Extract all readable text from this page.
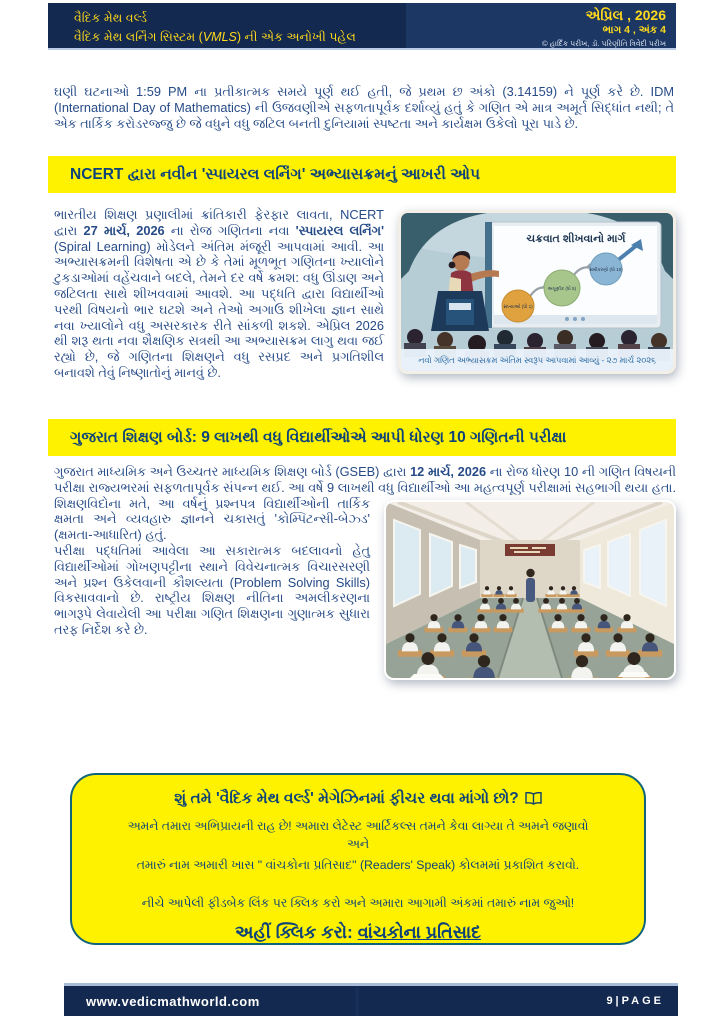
વૈદિક મેથ વર્લ્ડ
વૈદિક મેથ લર્નિંગ સિસ્ટમ (VMLS) ની એક અનોખી પહેલ
એપ્રિલ , 2026
ભાગ 4 , અંક 4
© હાર્દિક પરીખ, ડૉ. પરિણીતિ ત્રિવેદી પરીખ
ઘણી ઘટનાઓ 1:59 PM ના પ્રતીકાત્મક સમયે પૂર્ણ થઈ હતી, જે પ્રથમ છ અંકો (3.14159) ને પૂર્ણ કરે છે. IDM (International Day of Mathematics) ની ઉજવણીએ સફળતાપૂર્વક દર્શાવ્યું હતું કે ગણિત એ માત્ર અમૂર્ત સિદ્ધાંત નથી; તે એક તાર્કિક કરોડરજ્જુ છે જે વધુને વધુ જટિલ બનતી દુનિયામાં સ્પષ્ટતા અને કાર્યક્ષમ ઉકેલો પૂરા પાડે છે.
NCERT દ્વારા નવીન 'સ્પાયરલ લર્નિંગ' અભ્યાસક્રમનું આખરી ઓપ
ચક્રવાત શીખવાનો માર્ગ
સંખ્યાઓ (ધો 1)
અપૂર્ણાંક (ધો 5)
સમીકરણો (ધો 10)
નવો ગણિત અભ્યાસક્રમ અંતિમ સ્વરૂપ આપવામાં આવ્યું - ૨૭ માર્ચ ૨૦૨૬
ભારતીય શિક્ષણ પ્રણાલીમાં ક્રાંતિકારી ફેરફાર લાવતા, NCERT દ્વારા 27 માર્ચ, 2026 ના રોજ ગણિતના નવા 'સ્પાયરલ લર્નિંગ' (Spiral Learning) મોડેલને અંતિમ મંજૂરી આપવામાં આવી. આ અભ્યાસક્રમની વિશેષતા એ છે કે તેમાં મૂળભૂત ગણિતના ખ્યાલોને ટુકડાઓમાં વહેંચવાને બદલે, તેમને દર વર્ષે ક્રમશ: વધુ ઊંડાણ અને જટિલતા સાથે શીખવવામાં આવશે. આ પદ્ધતિ દ્વારા વિદ્યાર્થીઓ પરથી વિષયનો ભાર ઘટશે અને તેઓ અગાઉ શીખેલા જ્ઞાન સાથે નવા ખ્યાલોને વધુ અસરકારક રીતે સાંકળી શકશે. એપ્રિલ 2026 થી શરૂ થતા નવા શૈક્ષણિક સત્રથી આ અભ્યાસક્રમ લાગુ થવા જઈ રહ્યો છે, જે ગણિતના શિક્ષણને વધુ રસપ્રદ અને પ્રગતિશીલ બનાવશે તેવું નિષ્ણાતોનું માનવું છે.
ગુજરાત શિક્ષણ બોર્ડ: 9 લાખથી વધુ વિદ્યાર્થીઓએ આપી ધોરણ 10 ગણિતની પરીક્ષા
ગુજરાત માધ્યમિક અને ઉચ્ચતર માધ્યમિક શિક્ષણ બોર્ડ (GSEB) દ્વારા 12 માર્ચ, 2026 ના રોજ ધોરણ 10 ની ગણિત વિષયની પરીક્ષા રાજ્યભરમાં સફળતાપૂર્વક સંપન્ન થઈ. આ વર્ષે 9 લાખથી વધુ વિદ્યાર્થીઓ આ મહત્વપૂર્ણ પરીક્ષામાં સહભાગી થયા હતા. શિક્ષણવિદોના મતે, આ વર્ષનું
પ્રશ્નપત્ર વિદ્યાર્થીઓની તાર્કિક ક્ષમતા અને વ્યવહારુ જ્ઞાનને ચકાસતું 'કોમ્પિટન્સી-બેઝ્ડ' (ક્ષમતા-આધારિત) હતું.
પરીક્ષા પદ્ધતિમાં આવેલા આ સકારાત્મક બદલાવનો હેતુ વિદ્યાર્થીઓમાં ગોખણપટ્ટીના સ્થાને વિવેચનાત્મક વિચારસરણી અને પ્રશ્ન ઉકેલવાની કૌશલ્યતા (Problem Solving Skills) વિકસાવવાનો છે. રાષ્ટ્રીય શિક્ષણ નીતિના અમલીકરણના ભાગરૂપે લેવાયેલી આ પરીક્ષા ગણિત શિક્ષણના ગુણાત્મક સુધારા તરફ નિર્દેશ કરે છે.
શું તમે 'વૈદિક મેથ વર્લ્ડ' મેગેઝિનમાં ફીચર થવા માંગો છો?
અમને તમારા અભિપ્રાયની રાહ છે! અમારા લેટેસ્ટ આર્ટિકલ્સ તમને કેવા લાગ્યા તે અમને જણાવો અને
તમારું નામ અમારી ખાસ " વાંચકોના પ્રતિસાદ" (Readers' Speak) કોલમમાં પ્રકાશિત કરાવો.
નીચે આપેલી ફીડબેક લિંક પર ક્લિક કરો અને અમારા આગામી અંકમાં તમારું નામ જુઓ!
અહીં ક્લિક કરો: વાંચકોના પ્રતિસાદ
www.vedicmathworld.com	9|PAGE
